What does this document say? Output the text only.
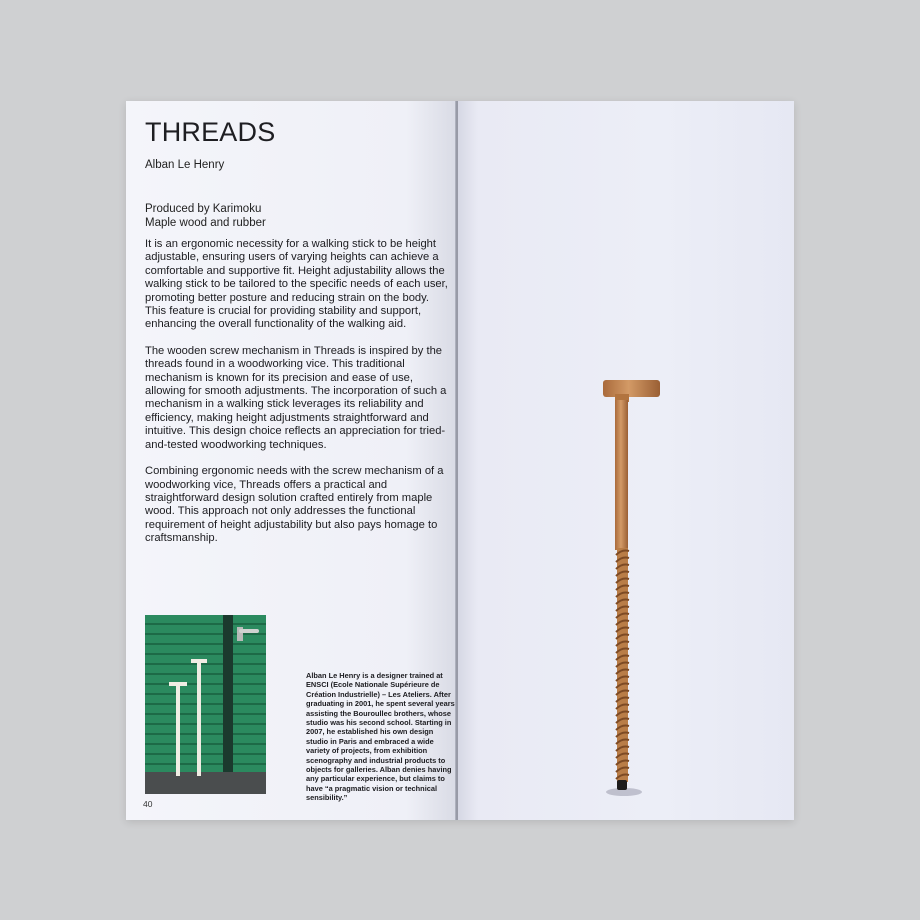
THREADS
Alban Le Henry
Produced by Karimoku
Maple wood and rubber

It is an ergonomic necessity for a walking stick to be height adjustable, ensuring users of varying heights can achieve a comfortable and supportive fit. Height adjustability allows the walking stick to be tailored to the specific needs of each user, promoting better posture and reducing strain on the body. This feature is crucial for providing stability and support, enhancing the overall functionality of the walking aid.

The wooden screw mechanism in Threads is inspired by the threads found in a woodworking vice. This traditional mechanism is known for its precision and ease of use, allowing for smooth adjustments. The incorporation of such a mechanism in a walking stick leverages its reliability and efficiency, making height adjustments straightforward and intuitive. This design choice reflects an appreciation for tried-and-tested woodworking techniques.

Combining ergonomic needs with the screw mechanism of a woodworking vice, Threads offers a practical and straightforward design solution crafted entirely from maple wood. This approach not only addresses the functional requirement of height adjustability but also pays homage to craftsmanship.

Alban Le Henry is a designer trained at ENSCI (Ecole Nationale Supérieure de Création Industrielle) – Les Ateliers. After graduating in 2001, he spent several years assisting the Bouroullec brothers, whose studio was his second school. Starting in 2007, he established his own design studio in Paris and embraced a wide variety of projects, from exhibition scenography and industrial products to objects for galleries. Alban denies having any particular experience, but claims to have “a pragmatic vision or technical sensibility.”
40
